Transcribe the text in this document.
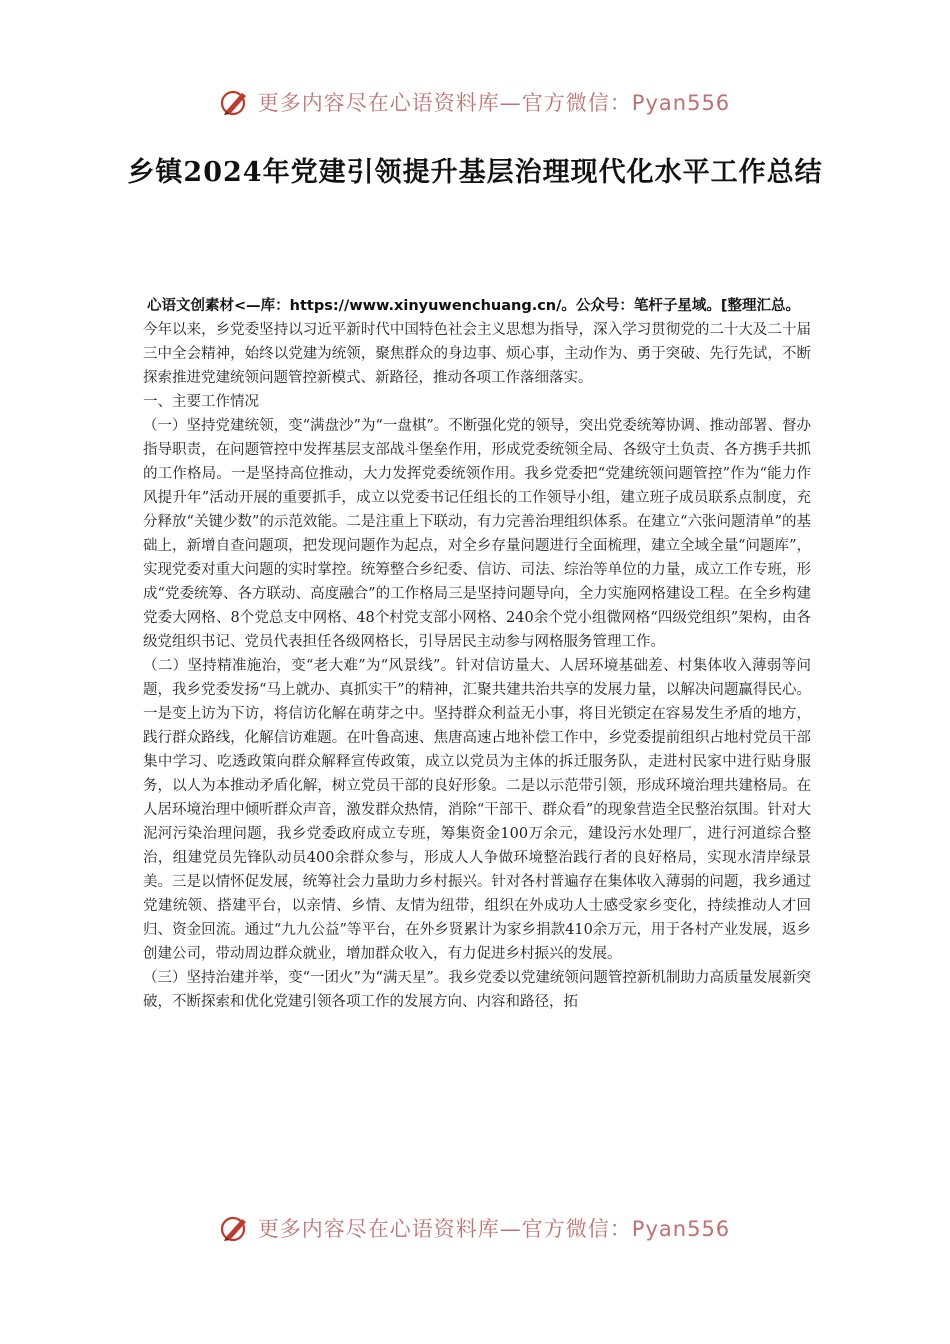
更多内容尽在心语资料库—官方微信：Pyan556
乡镇2024年党建引领提升基层治理现代化水平工作总结

心语文创素材<—库：https://www.xinyuwenchuang.cn/。公众号：笔杆子星域。[整理汇总。

今年以来，乡党委坚持以习近平新时代中国特色社会主义思想为指导，深入学习贯彻党的二十大及二十届三中全会精神，始终以党建为统领，聚焦群众的身边事、烦心事，主动作为、勇于突破、先行先试，不断探索推进党建统领问题管控新模式、新路径，推动各项工作落细落实。

一、主要工作情况

（一）坚持党建统领，变“满盘沙”为“一盘棋”。不断强化党的领导，突出党委统筹协调、推动部署、督办指导职责，在问题管控中发挥基层支部战斗堡垒作用，形成党委统领全局、各级守土负责、各方携手共抓的工作格局。一是坚持高位推动，大力发挥党委统领作用。我乡党委把“党建统领问题管控”作为“能力作风提升年”活动开展的重要抓手，成立以党委书记任组长的工作领导小组，建立班子成员联系点制度，充分释放“关键少数”的示范效能。二是注重上下联动，有力完善治理组织体系。在建立“六张问题清单”的基础上，新增自查问题项，把发现问题作为起点，对全乡存量问题进行全面梳理，建立全域全量“问题库”，实现党委对重大问题的实时掌控。统筹整合乡纪委、信访、司法、综治等单位的力量，成立工作专班，形成“党委统筹、各方联动、高度融合”的工作格局三是坚持问题导向，全力实施网格建设工程。在全乡构建党委大网格、8个党总支中网格、48个村党支部小网格、240余个党小组微网格“四级党组织”架构，由各级党组织书记、党员代表担任各级网格长，引导居民主动参与网格服务管理工作。

（二）坚持精准施治，变“老大难”为“风景线”。针对信访量大、人居环境基础差、村集体收入薄弱等问题，我乡党委发扬“马上就办、真抓实干”的精神，汇聚共建共治共享的发展力量，以解决问题赢得民心。一是变上访为下访，将信访化解在萌芽之中。坚持群众利益无小事，将目光锁定在容易发生矛盾的地方，践行群众路线，化解信访难题。在叶鲁高速、焦唐高速占地补偿工作中，乡党委提前组织占地村党员干部集中学习、吃透政策向群众解释宣传政策，成立以党员为主体的拆迁服务队，走进村民家中进行贴身服务，以人为本推动矛盾化解，树立党员干部的良好形象。二是以示范带引领，形成环境治理共建格局。在人居环境治理中倾听群众声音，激发群众热情，消除“干部干、群众看”的现象营造全民整治氛围。针对大泥河污染治理问题，我乡党委政府成立专班，筹集资金100万余元，建设污水处理厂，进行河道综合整治，组建党员先锋队动员400余群众参与，形成人人争做环境整治践行者的良好格局，实现水清岸绿景美。三是以情怀促发展，统筹社会力量助力乡村振兴。针对各村普遍存在集体收入薄弱的问题，我乡通过党建统领、搭建平台，以亲情、乡情、友情为纽带，组织在外成功人士感受家乡变化，持续推动人才回归、资金回流。通过“九九公益”等平台，在外乡贤累计为家乡捐款410余万元，用于各村产业发展，返乡创建公司，带动周边群众就业，增加群众收入，有力促进乡村振兴的发展。

（三）坚持治建并举，变“一团火”为“满天星”。我乡党委以党建统领问题管控新机制助力高质量发展新突破，不断探索和优化党建引领各项工作的发展方向、内容和路径，拓

更多内容尽在心语资料库—官方微信：Pyan556
